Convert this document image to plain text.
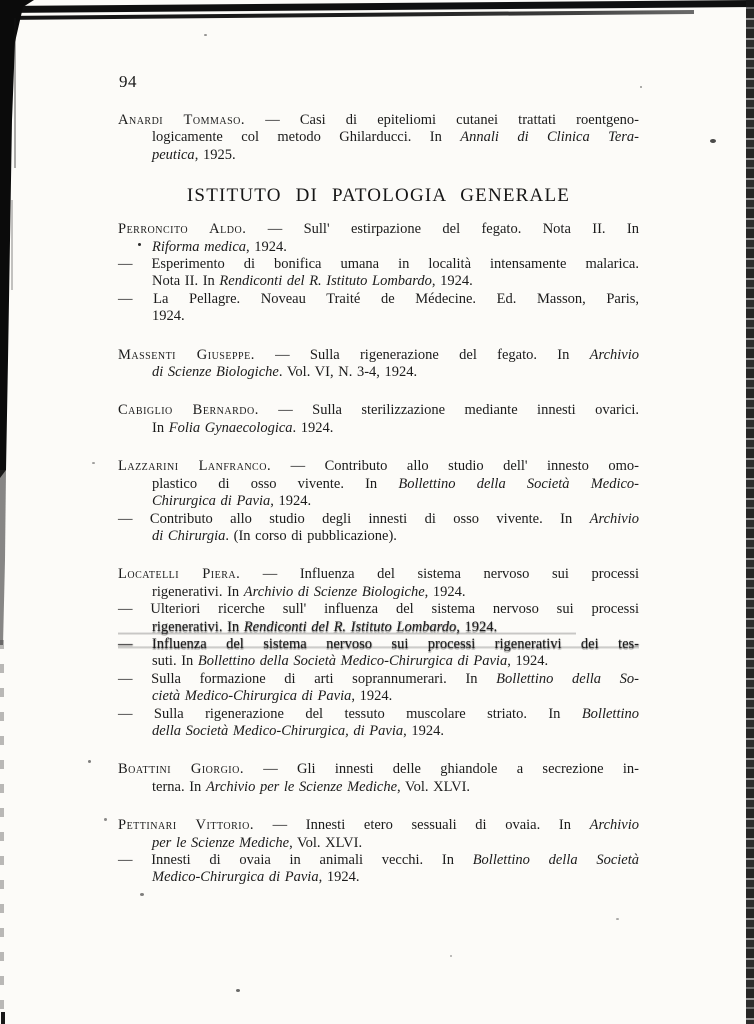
94
Anardi Tommaso. — Casi di epiteliomi cutanei trattati roentgeno-
logicamente col metodo Ghilarducci. In Annali di Clinica Tera-
peutica, 1925.
ISTITUTO DI PATOLOGIA GENERALE
Perroncito Aldo. — Sull' estirpazione del fegato. Nota II. In
Riforma medica, 1924.
— Esperimento di bonifica umana in località intensamente malarica.
Nota II. In Rendiconti del R. Istituto Lombardo, 1924.
— La Pellagre. Noveau Traité de Médecine. Ed. Masson, Paris,
1924.
Massenti Giuseppe. — Sulla rigenerazione del fegato. In Archivio
di Scienze Biologiche. Vol. VI, N. 3-4, 1924.
Cabiglio Bernardo. — Sulla sterilizzazione mediante innesti ovarici.
In Folia Gynaecologica. 1924.
Lazzarini Lanfranco. — Contributo allo studio dell' innesto omo-
plastico di osso vivente. In Bollettino della Società Medico-
Chirurgica di Pavia, 1924.
— Contributo allo studio degli innesti di osso vivente. In Archivio
di Chirurgia. (In corso di pubblicazione).
Locatelli Piera. — Influenza del sistema nervoso sui processi
rigenerativi. In Archivio di Scienze Biologiche, 1924.
— Ulteriori ricerche sull' influenza del sistema nervoso sui processi
rigenerativi. In Rendiconti del R. Istituto Lombardo, 1924.
— Influenza del sistema nervoso sui processi rigenerativi dei tes-
suti. In Bollettino della Società Medico-Chirurgica di Pavia, 1924.
— Sulla formazione di arti soprannumerari. In Bollettino della So-
cietà Medico-Chirurgica di Pavia, 1924.
— Sulla rigenerazione del tessuto muscolare striato. In Bollettino
della Società Medico-Chirurgica, di Pavia, 1924.
Boattini Giorgio. — Gli innesti delle ghiandole a secrezione in-
terna. In Archivio per le Scienze Mediche, Vol. XLVI.
Pettinari Vittorio. — Innesti etero sessuali di ovaia. In Archivio
per le Scienze Mediche, Vol. XLVI.
— Innesti di ovaia in animali vecchi. In Bollettino della Società
Medico-Chirurgica di Pavia, 1924.
